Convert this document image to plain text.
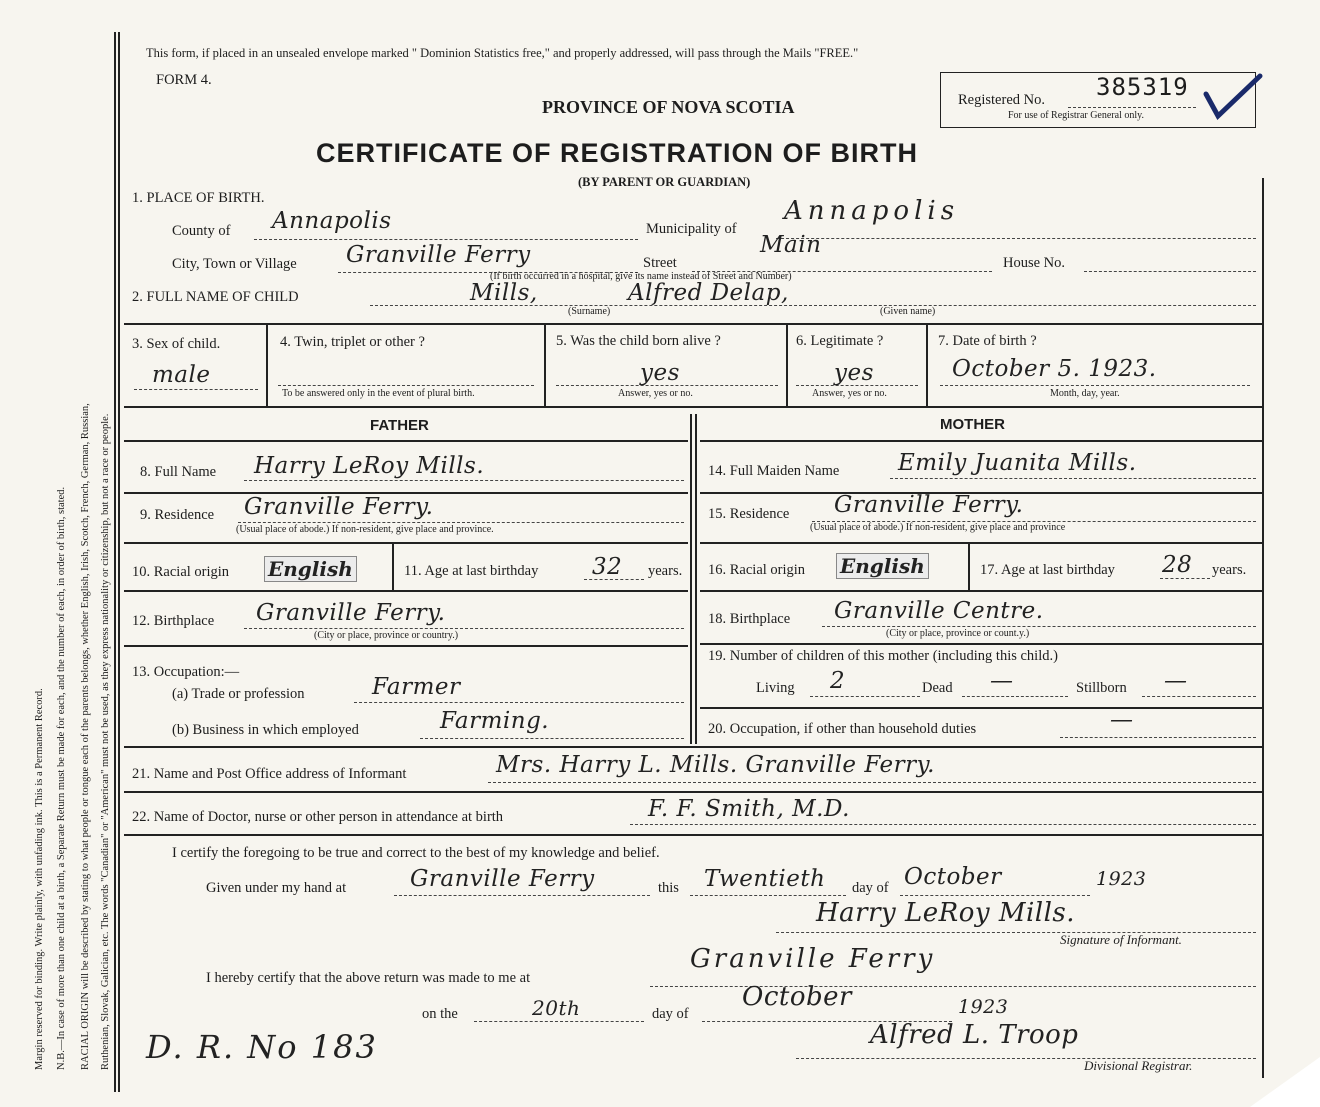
Margin reserved for binding. Write plainly, with unfading ink. This is a Permanent Record. N.B.—In case of more than one child at a birth, a Separate Return must be made for each, and the number of each, in order of birth, stated. RACIAL ORIGIN will be described by stating to what people or tongue each of the parents belongs, whether English, Irish, Scotch, French, German, Russian, Ruthenian, Slovak, Galician, etc. The words "Canadian" or "American" must not be used, as they express nationality or citizenship, but not a race or people.
This form, if placed in an unsealed envelope marked " Dominion Statistics free," and properly addressed, will pass through the Mails "FREE."
FORM 4.
PROVINCE OF NOVA SCOTIA	Registered No. 385319
For use of Registrar General only.
CERTIFICATE OF REGISTRATION OF BIRTH
(BY PARENT OR GUARDIAN)
1. PLACE OF BIRTH.
County of Annapolis	Municipality of
Annapolis
City, Town or Village Granville Ferry	Street
Main
House No.
(If birth occurred in a hospital, give its name instead of Street and Number)
2. FULL NAME OF CHILD	Mills,	Alfred Delap,
(Surname)	(Given name)
3. Sex of child.
male
4. Twin, triplet or other ?
To be answered only in the event of plural birth.
5. Was the child born alive ?
yes
Answer, yes or no.
6. Legitimate ?
yes
Answer, yes or no.
7. Date of birth ?
October 5. 1923.
Month, day, year.
FATHER	MOTHER
8. Full Name Harry LeRoy Mills.
9. Residence Granville Ferry.
(Usual place of abode.) If non-resident, give place and province.
10. Racial origin English	11. Age at last birthday 32 years.
12. Birthplace Granville Ferry.
(City or place, province or country.)
13. Occupation:—
(a) Trade or profession	Farmer
(b) Business in which employed	Farming.
14. Full Maiden Name	Emily Juanita Mills.
15. Residence Granville Ferry.
(Usual place of abode.) If non-resident, give place and province
16. Racial origin English	17. Age at last birthday 28 years.
18. Birthplace Granville Centre.
(City or place, province or count.y.)
19. Number of children of this mother (including this child.)
Living 2	Dead —	Stillborn —
20. Occupation, if other than household duties	—
21. Name and Post Office address of Informant	Mrs. Harry L. Mills. Granville Ferry.
22. Name of Doctor, nurse or other person in attendance at birth	F. F. Smith, M.D.
I certify the foregoing to be true and correct to the best of my knowledge and belief.
Given under my hand at	Granville Ferry	this Twentieth day of October	1923
Harry LeRoy Mills.
Signature of Informant.
I hereby certify that the above return was made to me at
Granville Ferry
on the	20th	day of
October	1923
Alfred L. Troop
Divisional Registrar.
D. R. No 183
